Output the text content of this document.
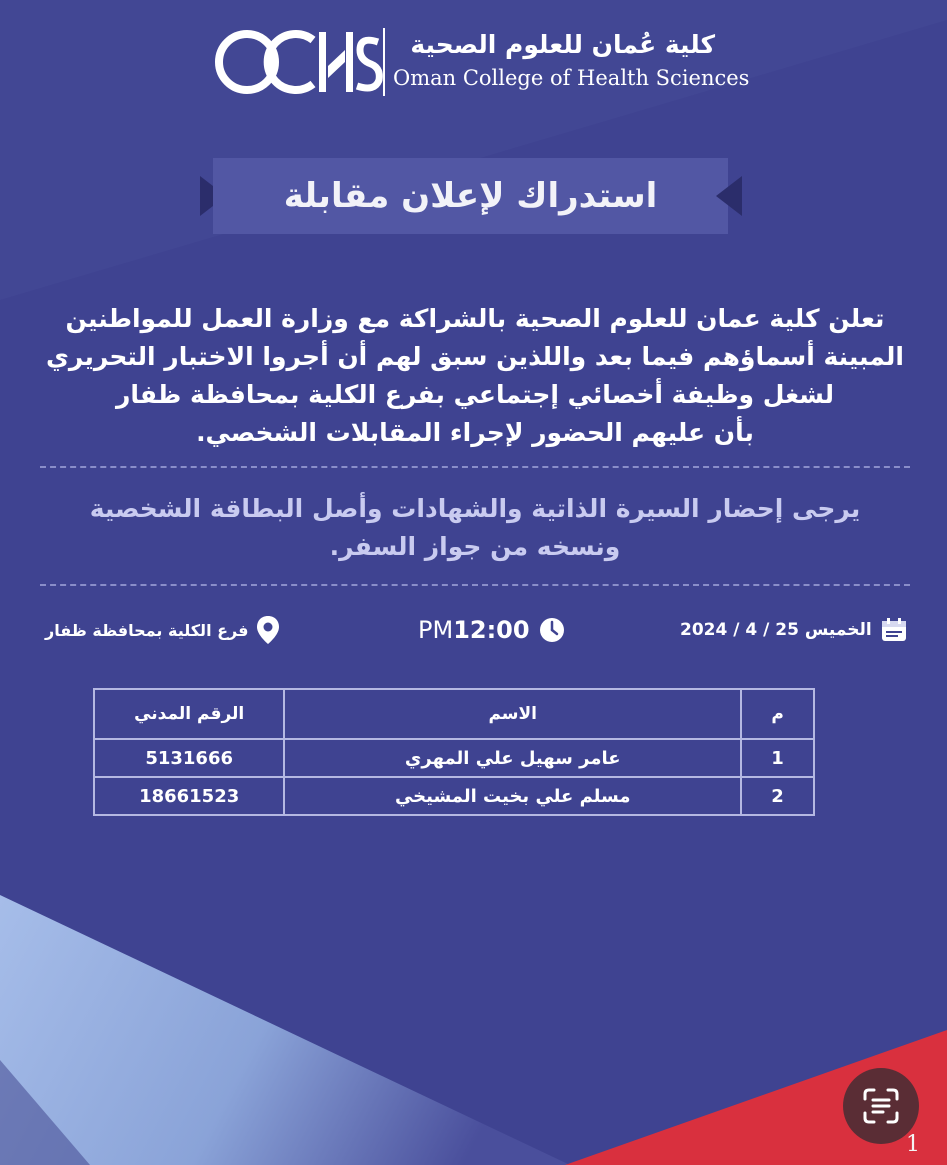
كلية عُمان للعلوم الصحية
Oman College of Health Sciences
استدراك لإعلان مقابلة
تعلن كلية عمان للعلوم الصحية بالشراكة مع وزارة العمل للمواطنين
المبينة أسماؤهم فيما بعد واللذين سبق لهم أن أجروا الاختبار التحريري
لشغل وظيفة أخصائي إجتماعي بفرع الكلية بمحافظة ظفار
بأن عليهم الحضور لإجراء المقابلات الشخصي.
يرجى إحضار السيرة الذاتية والشهادات وأصل البطاقة الشخصية
ونسخه من جواز السفر.
الخميس 25 / 4 / 2024
PM 12:00
فرع الكلية بمحافظة ظفار
م	الاسم	الرقم المدني
1	عامر سهيل علي المهري	5131666
2	مسلم علي بخيت المشيخي	18661523
1
